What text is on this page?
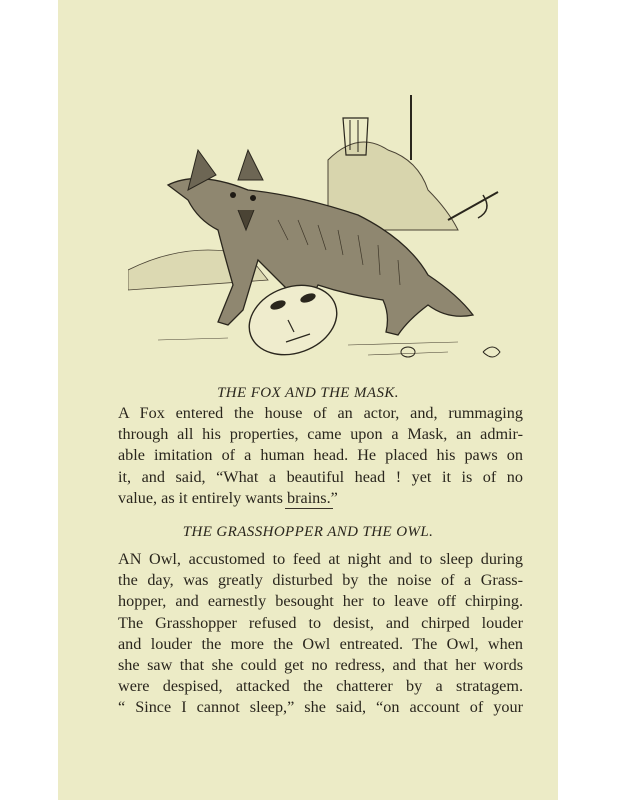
THE FOX AND THE MASK.
A Fox entered the house of an actor, and, rummaging
through all his properties, came upon a Mask, an admir-
able imitation of a human head. He placed his paws on
it, and said, “What a beautiful head ! yet it is of no
value, as it entirely wants brains.”
THE GRASSHOPPER AND THE OWL.
AN Owl, accustomed to feed at night and to sleep during
the day, was greatly disturbed by the noise of a Grass-
hopper, and earnestly besought her to leave off chirping.
The Grasshopper refused to desist, and chirped louder
and louder the more the Owl entreated. The Owl, when
she saw that she could get no redress, and that her words
were despised, attacked the chatterer by a stratagem.
“ Since I cannot sleep,” she said, “on account of your
